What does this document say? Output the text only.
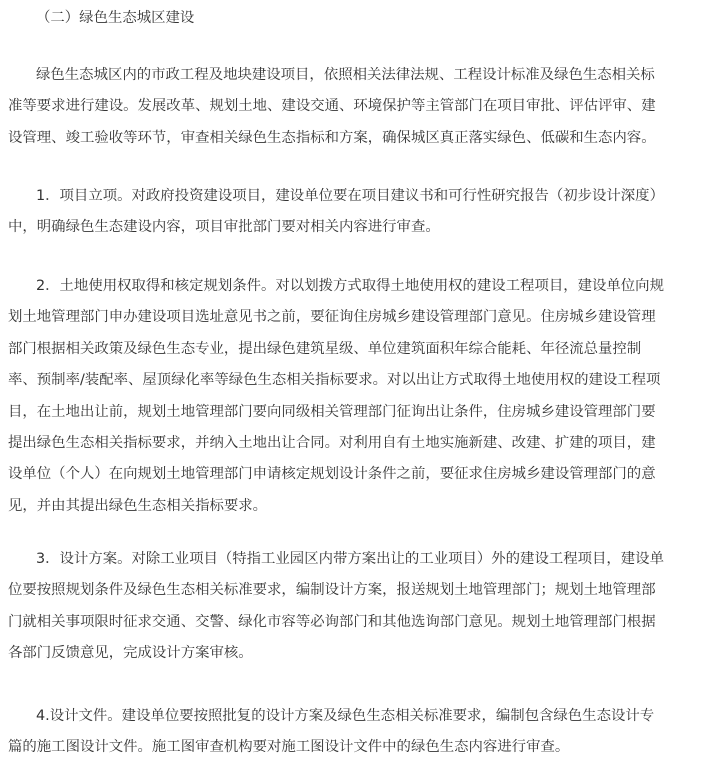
（二）绿色生态城区建设

绿色生态城区内的市政工程及地块建设项目，依照相关法律法规、工程设计标准及绿色生态相关标
准等要求进行建设。发展改革、规划土地、建设交通、环境保护等主管部门在项目审批、评估评审、建
设管理、竣工验收等环节，审查相关绿色生态指标和方案，确保城区真正落实绿色、低碳和生态内容。

1．项目立项。对政府投资建设项目，建设单位要在项目建议书和可行性研究报告（初步设计深度）
中，明确绿色生态建设内容，项目审批部门要对相关内容进行审查。

2．土地使用权取得和核定规划条件。对以划拨方式取得土地使用权的建设工程项目，建设单位向规
划土地管理部门申办建设项目选址意见书之前，要征询住房城乡建设管理部门意见。住房城乡建设管理
部门根据相关政策及绿色生态专业，提出绿色建筑星级、单位建筑面积年综合能耗、年径流总量控制
率、预制率/装配率、屋顶绿化率等绿色生态相关指标要求。对以出让方式取得土地使用权的建设工程项
目，在土地出让前，规划土地管理部门要向同级相关管理部门征询出让条件，住房城乡建设管理部门要
提出绿色生态相关指标要求，并纳入土地出让合同。对利用自有土地实施新建、改建、扩建的项目，建
设单位（个人）在向规划土地管理部门申请核定规划设计条件之前，要征求住房城乡建设管理部门的意
见，并由其提出绿色生态相关指标要求。

3．设计方案。对除工业项目（特指工业园区内带方案出让的工业项目）外的建设工程项目，建设单
位要按照规划条件及绿色生态相关标准要求，编制设计方案，报送规划土地管理部门；规划土地管理部
门就相关事项限时征求交通、交警、绿化市容等必询部门和其他选询部门意见。规划土地管理部门根据
各部门反馈意见，完成设计方案审核。

4.设计文件。建设单位要按照批复的设计方案及绿色生态相关标准要求，编制包含绿色生态设计专
篇的施工图设计文件。施工图审查机构要对施工图设计文件中的绿色生态内容进行审查。
